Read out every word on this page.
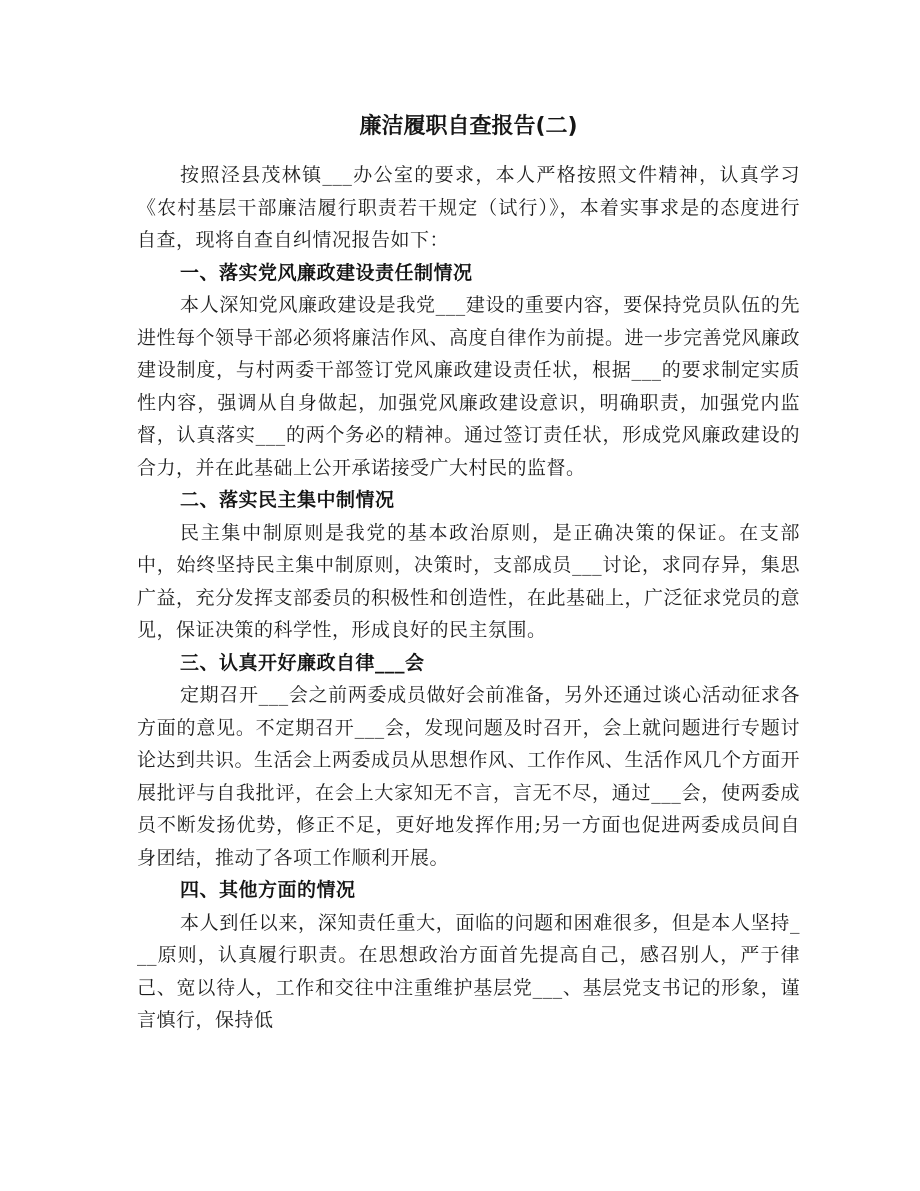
廉洁履职自查报告(二)

按照泾县茂林镇___办公室的要求，本人严格按照文件精神，认真学习《农村基层干部廉洁履行职责若干规定（试行）》，本着实事求是的态度进行自查，现将自查自纠情况报告如下：

一、落实党风廉政建设责任制情况

本人深知党风廉政建设是我党___建设的重要内容，要保持党员队伍的先进性每个领导干部必须将廉洁作风、高度自律作为前提。进一步完善党风廉政建设制度，与村两委干部签订党风廉政建设责任状，根据___的要求制定实质性内容，强调从自身做起，加强党风廉政建设意识，明确职责，加强党内监督，认真落实___的两个务必的精神。通过签订责任状，形成党风廉政建设的合力，并在此基础上公开承诺接受广大村民的监督。

二、落实民主集中制情况

民主集中制原则是我党的基本政治原则，是正确决策的保证。在支部中，始终坚持民主集中制原则，决策时，支部成员___讨论，求同存异，集思广益，充分发挥支部委员的积极性和创造性，在此基础上，广泛征求党员的意见，保证决策的科学性，形成良好的民主氛围。

三、认真开好廉政自律___会

定期召开___会之前两委成员做好会前准备，另外还通过谈心活动征求各方面的意见。不定期召开___会，发现问题及时召开，会上就问题进行专题讨论达到共识。生活会上两委成员从思想作风、工作作风、生活作风几个方面开展批评与自我批评，在会上大家知无不言，言无不尽，通过___会，使两委成员不断发扬优势，修正不足，更好地发挥作用;另一方面也促进两委成员间自身团结，推动了各项工作顺利开展。

四、其他方面的情况

本人到任以来，深知责任重大，面临的问题和困难很多，但是本人坚持___原则，认真履行职责。在思想政治方面首先提高自己，感召别人，严于律己、宽以待人，工作和交往中注重维护基层党___、基层党支书记的形象，谨言慎行，保持低
